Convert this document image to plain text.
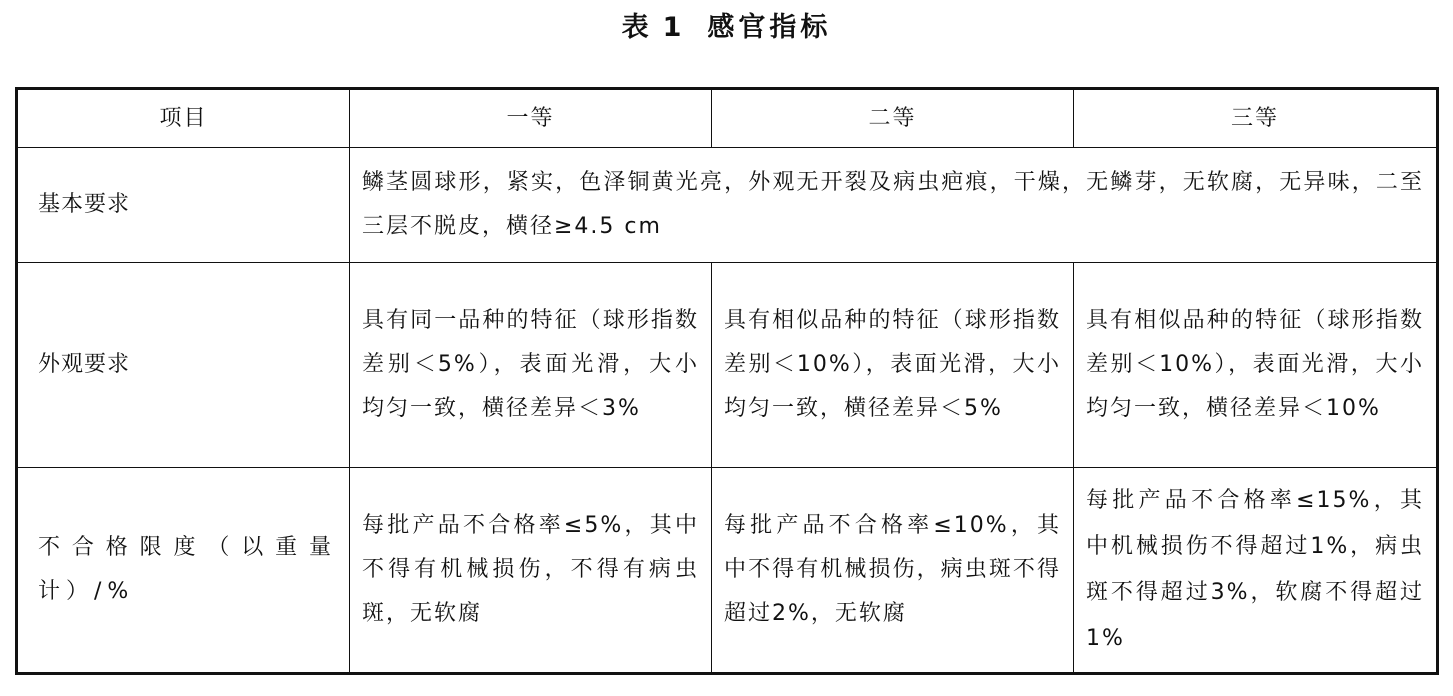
表 1 感官指标
项目	一等	二等	三等
基本要求	鳞茎圆球形，紧实，色泽铜黄光亮，外观无开裂及病虫疤痕，干燥，无鳞芽，无软腐，无异味，二至三层不脱皮，横径≥4.5 cm		
外观要求	具有同一品种的特征（球形指数差别＜5%），表面光滑，大小均匀一致，横径差异＜3%	具有相似品种的特征（球形指数差别＜10%），表面光滑，大小均匀一致，横径差异＜5%	具有相似品种的特征（球形指数差别＜10%），表面光滑，大小均匀一致，横径差异＜10%
不合格限度（以重量计）/%	每批产品不合格率≤5%，其中不得有机械损伤，不得有病虫斑，无软腐	每批产品不合格率≤10%，其中不得有机械损伤，病虫斑不得超过2%，无软腐	每批产品不合格率≤15%，其中机械损伤不得超过1%，病虫斑不得超过3%，软腐不得超过1%
